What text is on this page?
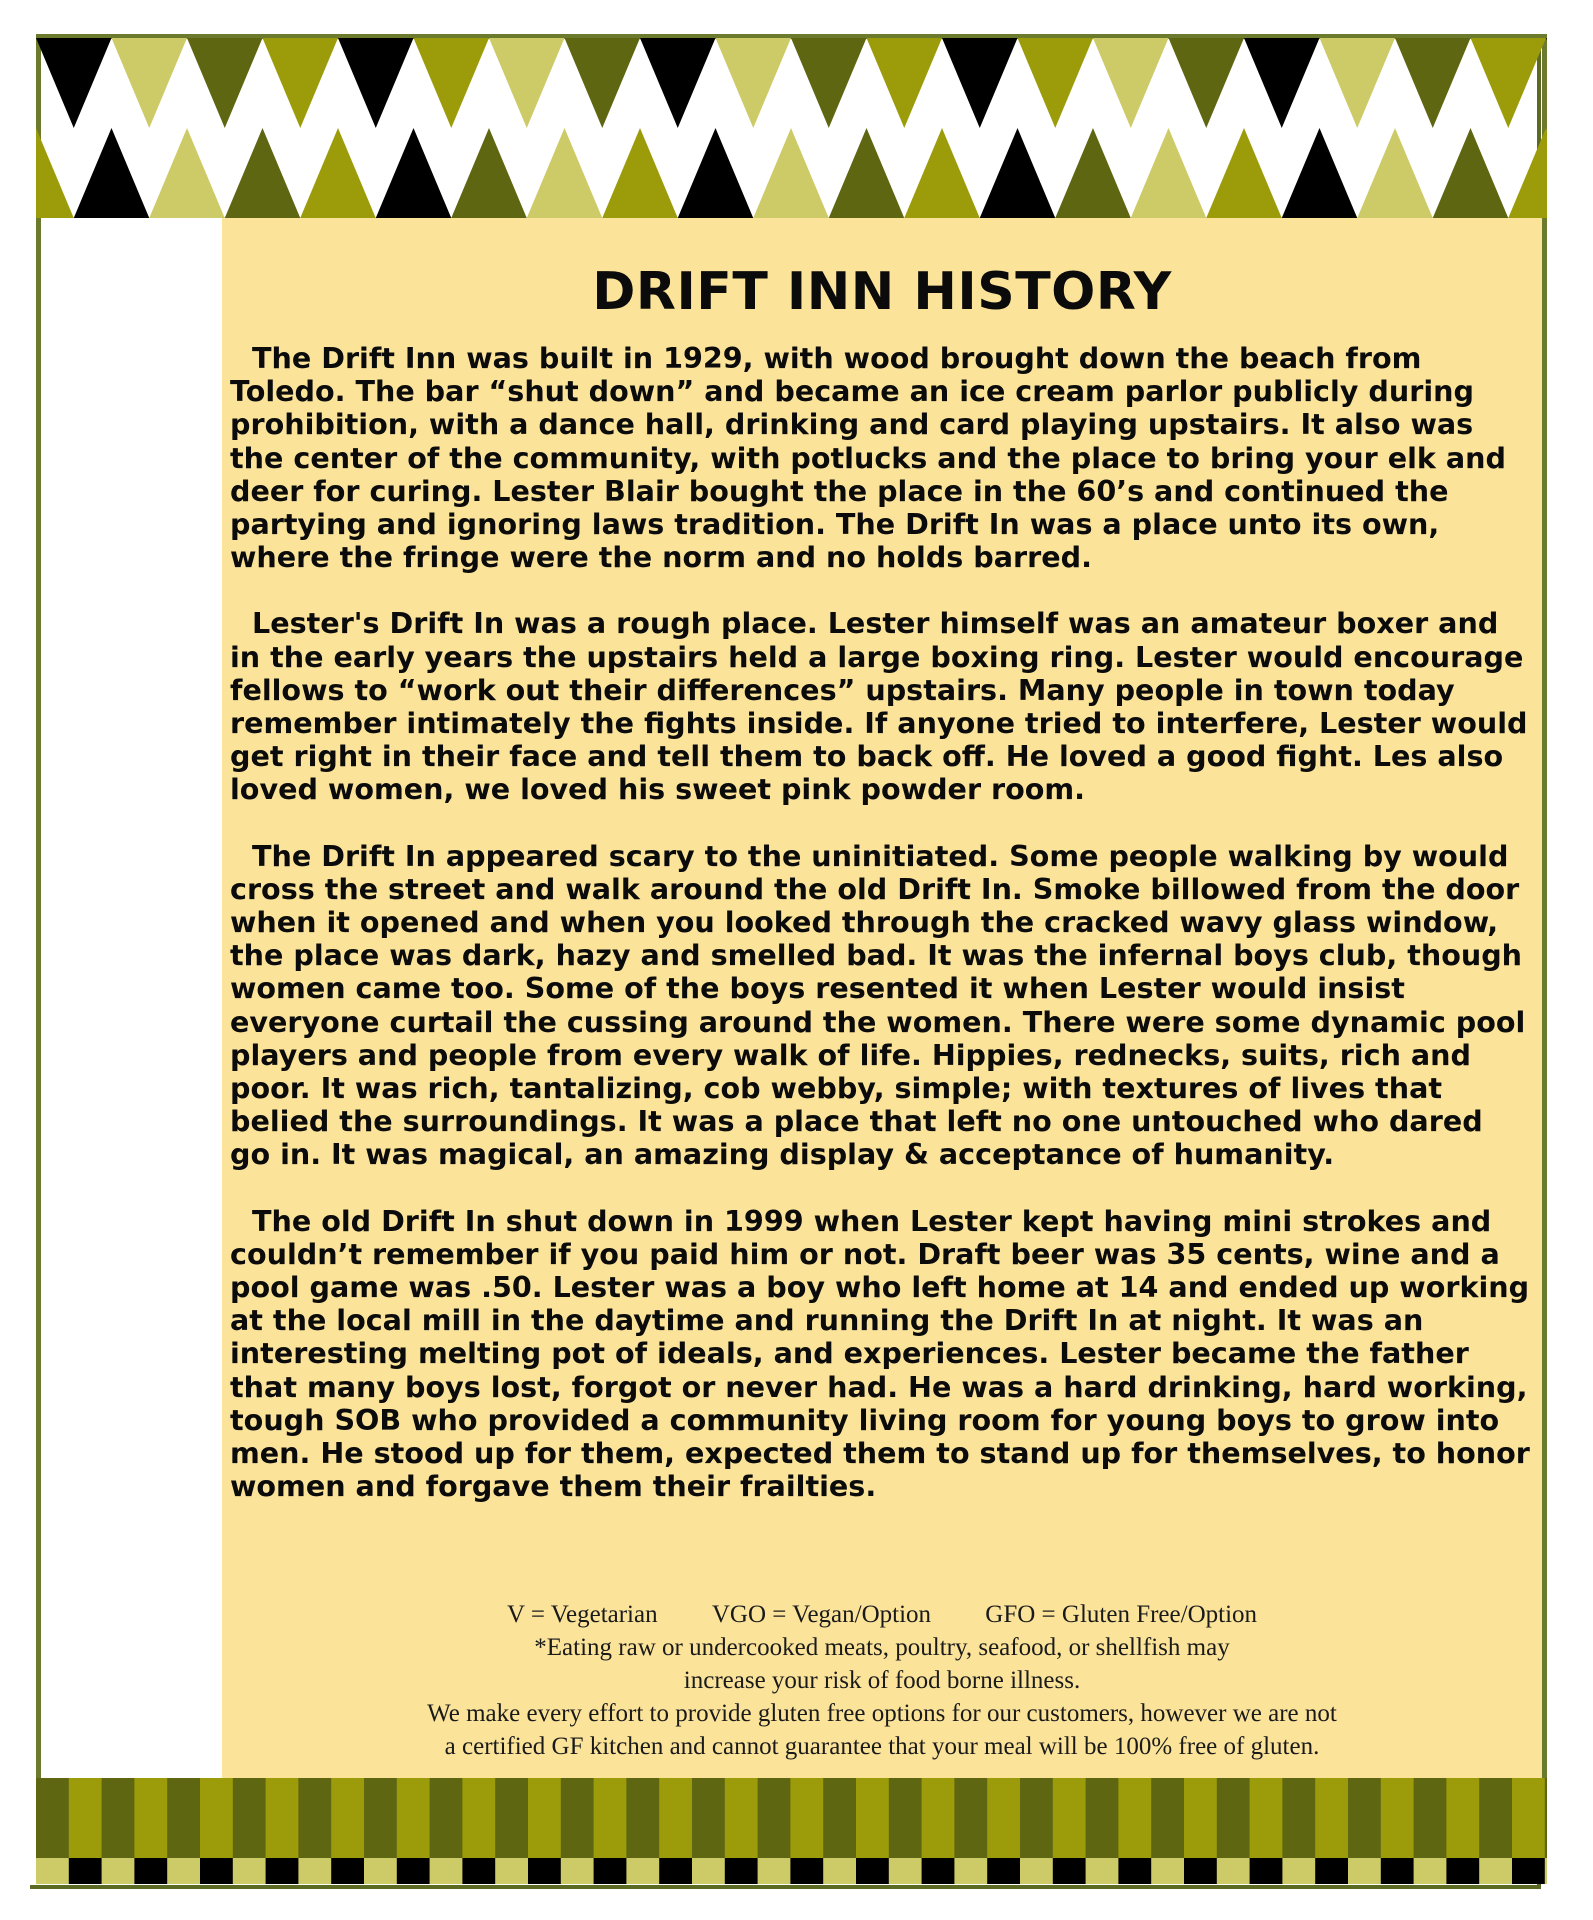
DRIFT INN HISTORY

The Drift Inn was built in 1929, with wood brought down the beach from Toledo. The bar “shut down” and became an ice cream parlor publicly during prohibition, with a dance hall, drinking and card playing upstairs. It also was the center of the community, with potlucks and the place to bring your elk and deer for curing. Lester Blair bought the place in the 60’s and continued the partying and ignoring laws tradition. The Drift In was a place unto its own, where the fringe were the norm and no holds barred.

Lester's Drift In was a rough place. Lester himself was an amateur boxer and in the early years the upstairs held a large boxing ring. Lester would encourage fellows to “work out their differences” upstairs. Many people in town today remember intimately the fights inside. If anyone tried to interfere, Lester would get right in their face and tell them to back off. He loved a good fight. Les also loved women, we loved his sweet pink powder room.

The Drift In appeared scary to the uninitiated. Some people walking by would cross the street and walk around the old Drift In. Smoke billowed from the door when it opened and when you looked through the cracked wavy glass window, the place was dark, hazy and smelled bad. It was the infernal boys club, though women came too. Some of the boys resented it when Lester would insist everyone curtail the cussing around the women. There were some dynamic pool players and people from every walk of life. Hippies, rednecks, suits, rich and poor. It was rich, tantalizing, cob webby, simple; with textures of lives that belied the surroundings. It was a place that left no one untouched who dared go in. It was magical, an amazing display & acceptance of humanity.

The old Drift In shut down in 1999 when Lester kept having mini strokes and couldn’t remember if you paid him or not. Draft beer was 35 cents, wine and a pool game was .50. Lester was a boy who left home at 14 and ended up working at the local mill in the daytime and running the Drift In at night. It was an interesting melting pot of ideals, and experiences. Lester became the father that many boys lost, forgot or never had. He was a hard drinking, hard working, tough SOB who provided a community living room for young boys to grow into men. He stood up for them, expected them to stand up for themselves, to honor women and forgave them their frailties.

V = Vegetarian VGO = Vegan/Option GFO = Gluten Free/Option
*Eating raw or undercooked meats, poultry, seafood, or shellfish may
increase your risk of food borne illness.
We make every effort to provide gluten free options for our customers, however we are not
a certified GF kitchen and cannot guarantee that your meal will be 100% free of gluten.
